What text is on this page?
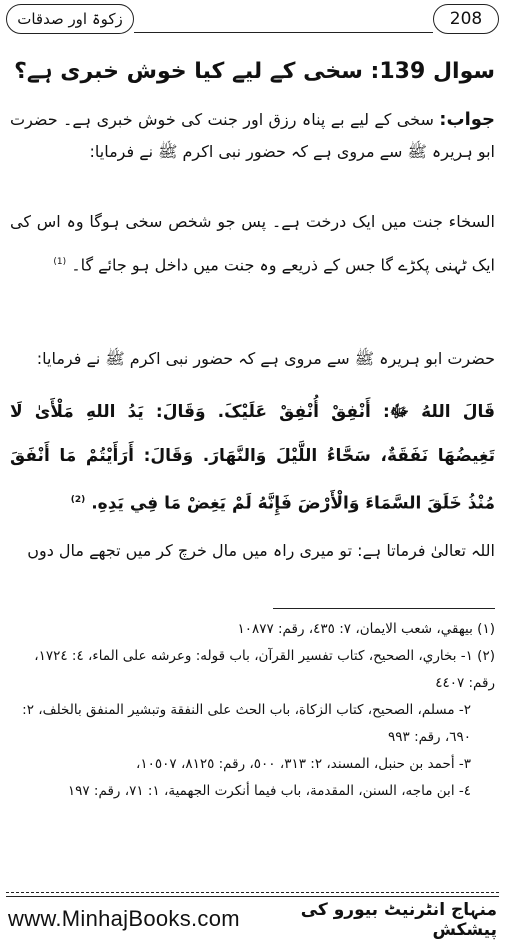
زکوۃ اور صدقات	208
سوال 139: سخی کے لیے کیا خوش خبری ہے؟
جواب: سخی کے لیے بے پناہ رزق اور جنت کی خوش خبری ہے۔ حضرت ابو ہریرہ ﷺ سے مروی ہے کہ حضور نبی اکرم ﷺ نے فرمایا:
السخاء جنت میں ایک درخت ہے۔ پس جو شخص سخی ہوگا وہ اس کی ایک ٹہنی پکڑے گا جس کے ذریعے وہ جنت میں داخل ہو جائے گا۔ $^{(1)}$
حضرت ابو ہریرہ ﷺ سے مروی ہے کہ حضور نبی اکرم ﷺ نے فرمایا:
قَالَ اللهُ ﷻ: أَنْفِقْ أُنْفِقْ عَلَيْکَ. وَقَالَ: يَدُ اللهِ مَلْأَىٰ لَا تَغِيضُهَا نَفَقَةٌ، سَحَّاءُ اللَّيْلَ وَالنَّهَارَ. وَقَالَ: أَرَأَيْتُمْ مَا أَنْفَقَ مُنْذُ خَلَقَ السَّمَاءَ وَالْأَرْضَ فَإِنَّهُ لَمْ يَغِضْ مَا فِي يَدِهِ. $^{(2)}$
اللہ تعالیٰ فرماتا ہے: تو میری راہ میں مال خرچ کر میں تجھے مال دوں
(١) بيهقي، شعب الايمان، ٧: ٤٣٥، رقم: ١٠٨٧٧
(٢) ١- بخاري، الصحيح، كتاب تفسير القرآن، باب قوله: وعرشه على الماء، ٤: ١٧٢٤، رقم: ٤٤٠٧
٢- مسلم، الصحيح، كتاب الزكاة، باب الحث على النفقة وتبشير المنفق بالخلف، ٢: ٦٩٠، رقم: ٩٩٣
٣- أحمد بن حنبل، المسند، ٢: ٣١٣، ٥٠٠، رقم: ٨١٢٥، ١٠٥٠٧،
٤- ابن ماجه، السنن، المقدمة، باب فيما أنكرت الجهمية، ١: ٧١، رقم: ١٩٧
www.MinhajBooks.com	منہاج انٹرنیٹ بیورو کی پیشکش
